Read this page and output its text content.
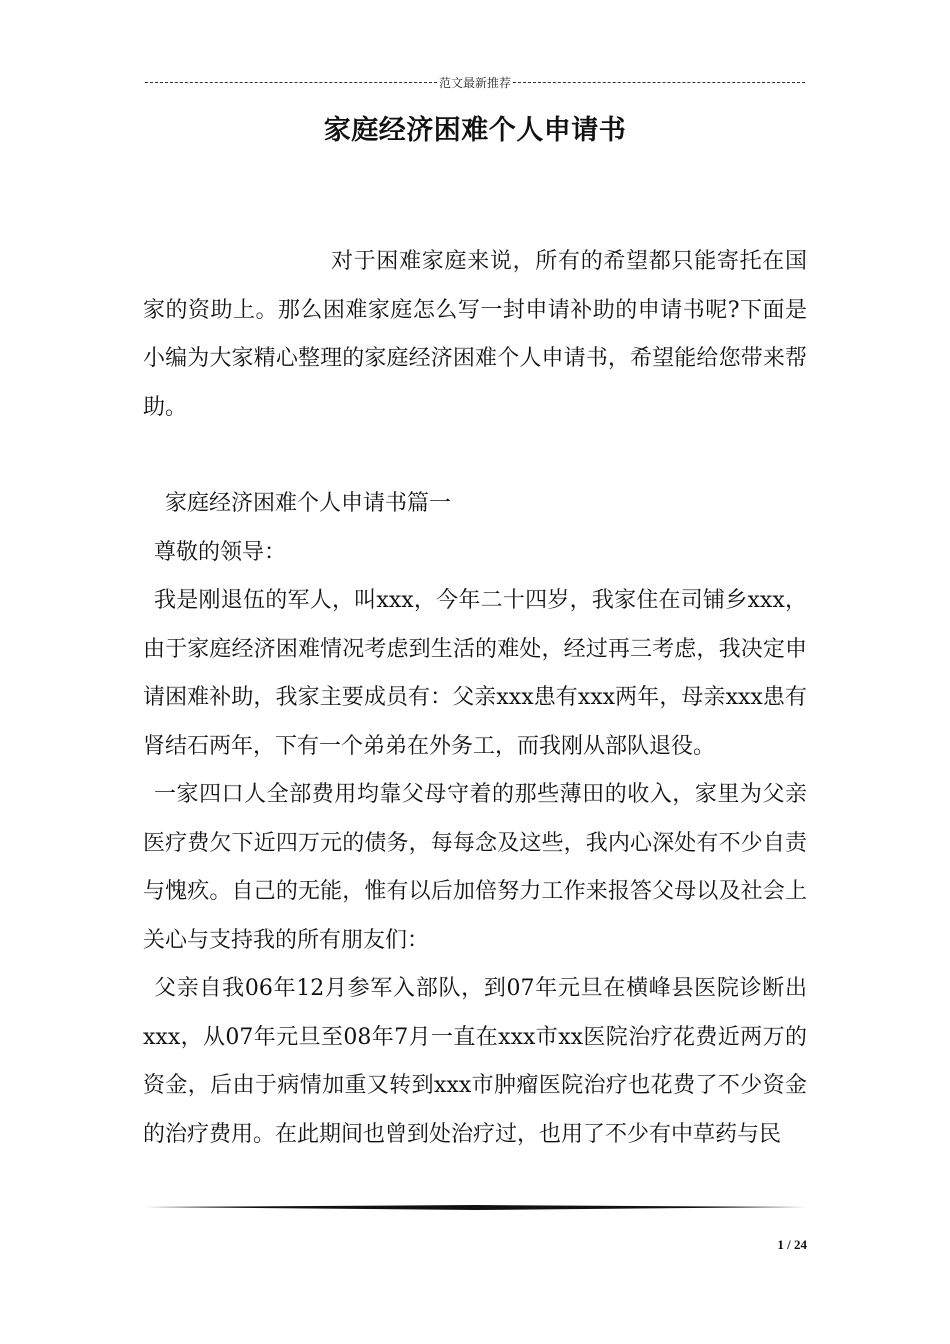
范文最新推荐
家庭经济困难个人申请书

对于困难家庭来说，所有的希望都只能寄托在国家的资助上。那么困难家庭怎么写一封申请补助的申请书呢?下面是小编为大家精心整理的家庭经济困难个人申请书，希望能给您带来帮助。

家庭经济困难个人申请书篇一

尊敬的领导：

我是刚退伍的军人，叫xxx，今年二十四岁，我家住在司铺乡xxx，由于家庭经济困难情况考虑到生活的难处，经过再三考虑，我决定申请困难补助，我家主要成员有：父亲xxx患有xxx两年，母亲xxx患有肾结石两年，下有一个弟弟在外务工，而我刚从部队退役。

一家四口人全部费用均靠父母守着的那些薄田的收入，家里为父亲医疗费欠下近四万元的债务，每每念及这些，我内心深处有不少自责与愧疚。自己的无能，惟有以后加倍努力工作来报答父母以及社会上关心与支持我的所有朋友们：

父亲自我06年12月参军入部队，到07年元旦在横峰县医院诊断出xxx，从07年元旦至08年7月一直在xxx市xx医院治疗花费近两万的资金，后由于病情加重又转到xxx市肿瘤医院治疗也花费了不少资金的治疗费用。在此期间也曾到处治疗过，也用了不少有中草药与民

1 / 24
